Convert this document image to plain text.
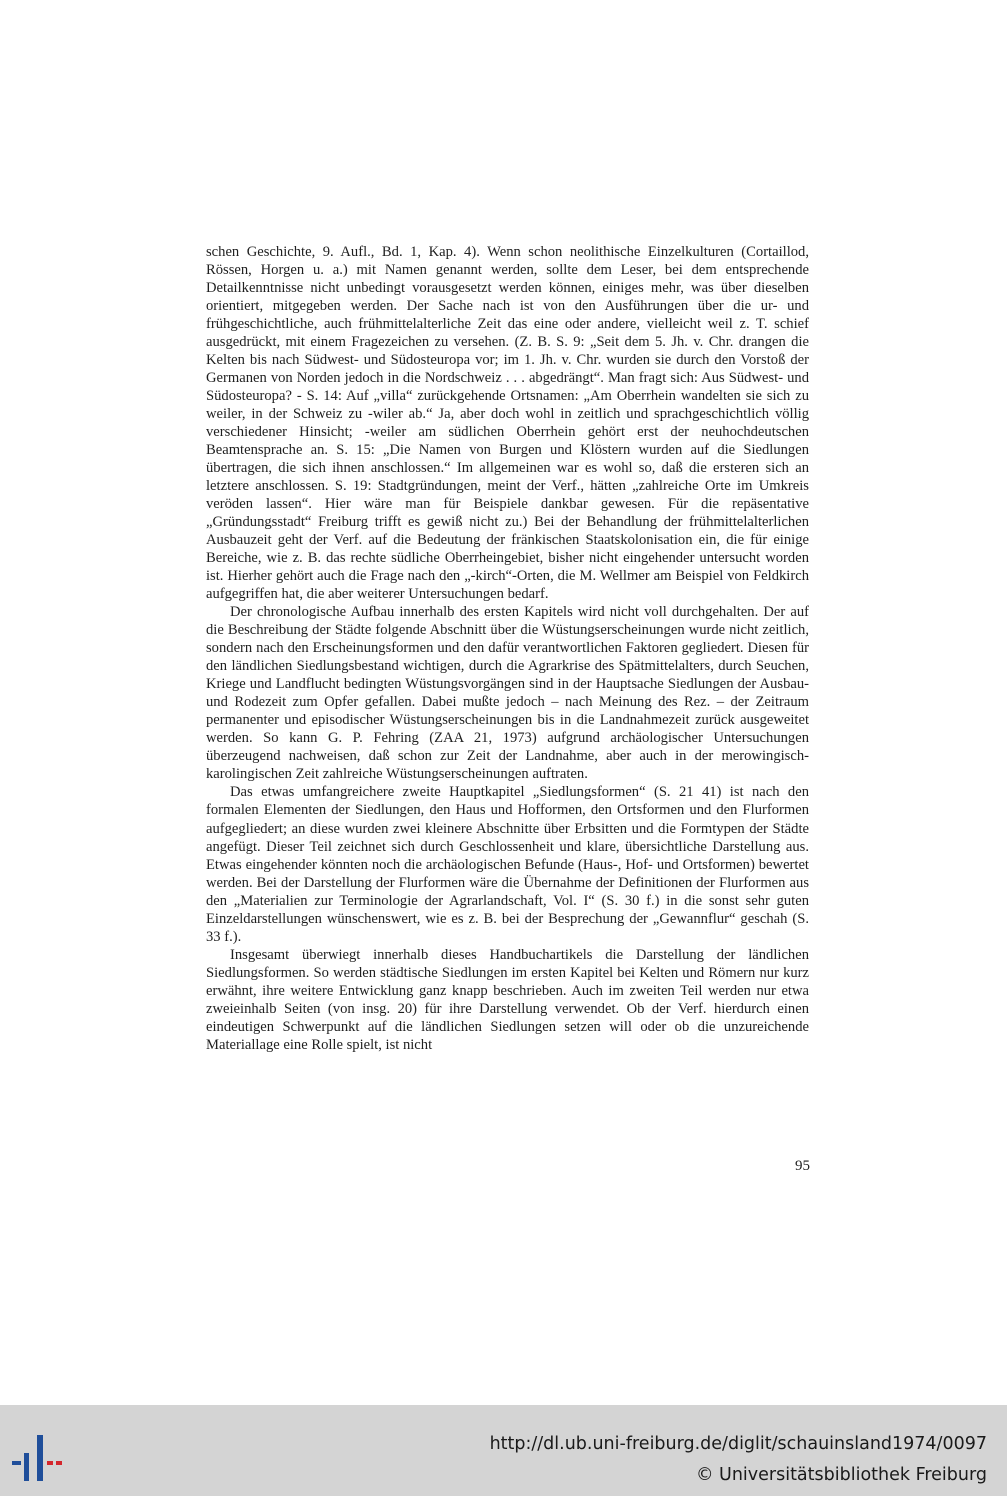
schen Geschichte, 9. Aufl., Bd. 1, Kap. 4). Wenn schon neolithische Einzelkulturen (Cortaillod, Rössen, Horgen u. a.) mit Namen genannt werden, sollte dem Leser, bei dem entsprechende Detailkenntnisse nicht unbedingt vorausgesetzt werden können, einiges mehr, was über dieselben orientiert, mitgegeben werden. Der Sache nach ist von den Ausführungen über die ur- und frühgeschichtliche, auch frühmittelalterliche Zeit das eine oder andere, vielleicht weil z. T. schief ausgedrückt, mit einem Fragezeichen zu versehen. (Z. B. S. 9: „Seit dem 5. Jh. v. Chr. drangen die Kelten bis nach Südwest- und Südosteuropa vor; im 1. Jh. v. Chr. wurden sie durch den Vorstoß der Germanen von Norden jedoch in die Nordschweiz . . . abgedrängt“. Man fragt sich: Aus Südwest- und Südosteuropa? - S. 14: Auf „villa“ zurückgehende Ortsnamen: „Am Oberrhein wandelten sie sich zu weiler, in der Schweiz zu -wiler ab.“ Ja, aber doch wohl in zeitlich und sprachgeschichtlich völlig verschiedener Hinsicht; -weiler am südlichen Oberrhein gehört erst der neuhochdeutschen Beamtensprache an. S. 15: „Die Namen von Burgen und Klöstern wurden auf die Siedlungen übertragen, die sich ihnen anschlossen.“ Im allgemeinen war es wohl so, daß die ersteren sich an letztere anschlossen. S. 19: Stadtgründungen, meint der Verf., hätten „zahlreiche Orte im Umkreis veröden lassen“. Hier wäre man für Beispiele dankbar gewesen. Für die repäsentative „Gründungsstadt“ Freiburg trifft es gewiß nicht zu.) Bei der Behandlung der frühmittelalterlichen Ausbauzeit geht der Verf. auf die Bedeutung der fränkischen Staatskolonisation ein, die für einige Bereiche, wie z. B. das rechte südliche Oberrheingebiet, bisher nicht eingehender untersucht worden ist. Hierher gehört auch die Frage nach den „-kirch“-Orten, die M. Wellmer am Beispiel von Feldkirch aufgegriffen hat, die aber weiterer Untersuchungen bedarf.

Der chronologische Aufbau innerhalb des ersten Kapitels wird nicht voll durchgehalten. Der auf die Beschreibung der Städte folgende Abschnitt über die Wüstungserscheinungen wurde nicht zeitlich, sondern nach den Erscheinungsformen und den dafür verantwortlichen Faktoren gegliedert. Diesen für den ländlichen Siedlungsbestand wichtigen, durch die Agrarkrise des Spätmittelalters, durch Seuchen, Kriege und Landflucht bedingten Wüstungsvorgängen sind in der Hauptsache Siedlungen der Ausbau- und Rodezeit zum Opfer gefallen. Dabei mußte jedoch – nach Meinung des Rez. – der Zeitraum permanenter und episodischer Wüstungserscheinungen bis in die Landnahmezeit zurück ausgeweitet werden. So kann G. P. Fehring (ZAA 21, 1973) aufgrund archäologischer Untersuchungen überzeugend nachweisen, daß schon zur Zeit der Landnahme, aber auch in der merowingisch-karolingischen Zeit zahlreiche Wüstungserscheinungen auftraten.

Das etwas umfangreichere zweite Hauptkapitel „Siedlungsformen“ (S. 21 41) ist nach den formalen Elementen der Siedlungen, den Haus und Hofformen, den Ortsformen und den Flurformen aufgegliedert; an diese wurden zwei kleinere Abschnitte über Erbsitten und die Formtypen der Städte angefügt. Dieser Teil zeichnet sich durch Geschlossenheit und klare, übersichtliche Darstellung aus. Etwas eingehender könnten noch die archäologischen Befunde (Haus-, Hof- und Ortsformen) bewertet werden. Bei der Darstellung der Flurformen wäre die Übernahme der Definitionen der Flurformen aus den „Materialien zur Terminologie der Agrarlandschaft, Vol. I“ (S. 30 f.) in die sonst sehr guten Einzeldarstellungen wünschenswert, wie es z. B. bei der Besprechung der „Gewannflur“ geschah (S. 33 f.).

Insgesamt überwiegt innerhalb dieses Handbuchartikels die Darstellung der ländlichen Siedlungsformen. So werden städtische Siedlungen im ersten Kapitel bei Kelten und Römern nur kurz erwähnt, ihre weitere Entwicklung ganz knapp beschrieben. Auch im zweiten Teil werden nur etwa zweieinhalb Seiten (von insg. 20) für ihre Darstellung verwendet. Ob der Verf. hierdurch einen eindeutigen Schwerpunkt auf die ländlichen Siedlungen setzen will oder ob die unzureichende Materiallage eine Rolle spielt, ist nicht

95
http://dl.ub.uni-freiburg.de/diglit/schauinsland1974/0097
© Universitätsbibliothek Freiburg
